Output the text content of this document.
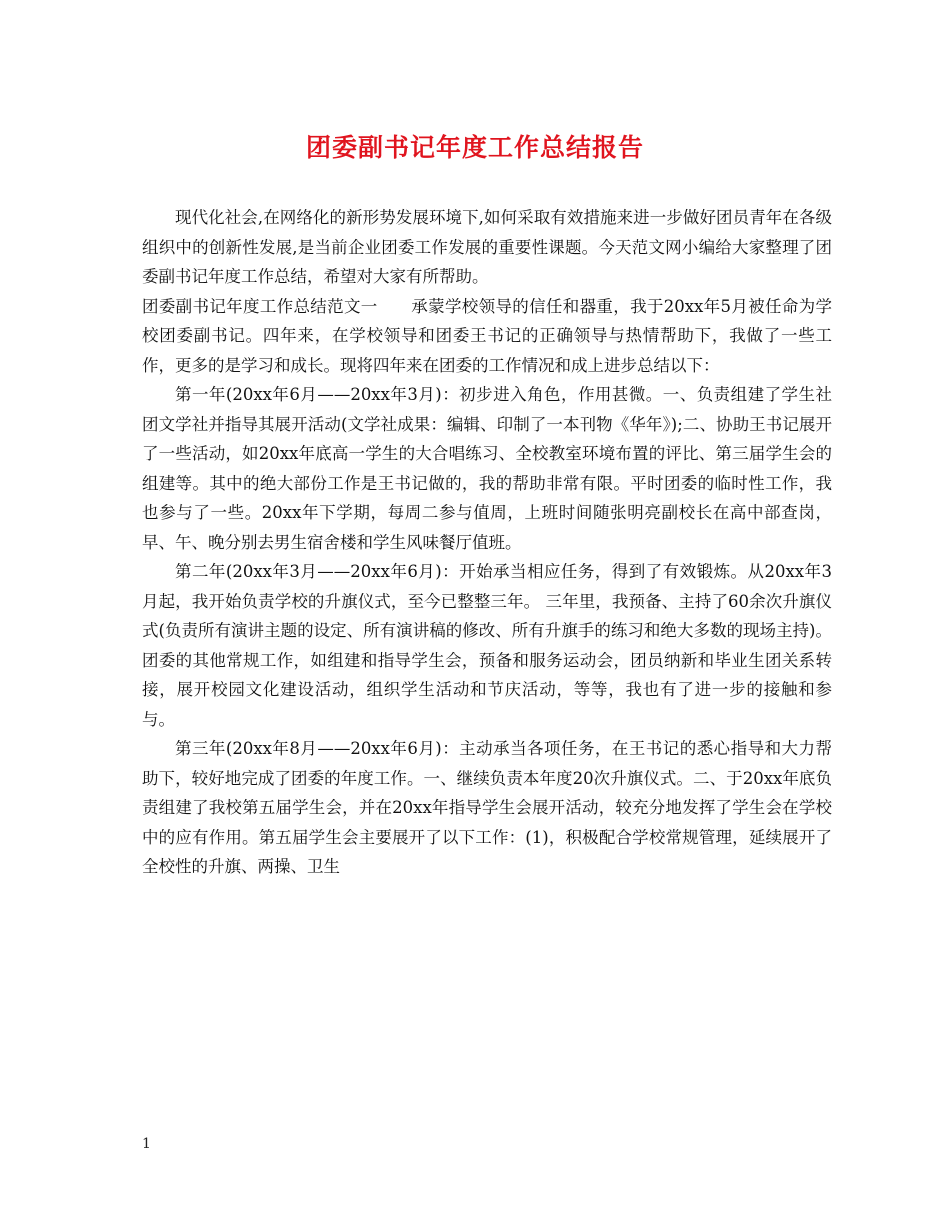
团委副书记年度工作总结报告

现代化社会,在网络化的新形势发展环境下,如何采取有效措施来进一步做好团员青年在各级组织中的创新性发展,是当前企业团委工作发展的重要性课题。今天范文网小编给大家整理了团委副书记年度工作总结，希望对大家有所帮助。

团委副书记年度工作总结范文一　　承蒙学校领导的信任和器重，我于20xx年5月被任命为学校团委副书记。四年来，在学校领导和团委王书记的正确领导与热情帮助下，我做了一些工作，更多的是学习和成长。现将四年来在团委的工作情况和成上进步总结以下：

第一年(20xx年6月——20xx年3月)：初步进入角色，作用甚微。一、负责组建了学生社团文学社并指导其展开活动(文学社成果：编辑、印制了一本刊物《华年》);二、协助王书记展开了一些活动，如20xx年底高一学生的大合唱练习、全校教室环境布置的评比、第三届学生会的组建等。其中的绝大部份工作是王书记做的，我的帮助非常有限。平时团委的临时性工作，我也参与了一些。20xx年下学期，每周二参与值周，上班时间随张明亮副校长在高中部查岗，早、午、晚分别去男生宿舍楼和学生风味餐厅值班。

第二年(20xx年3月——20xx年6月)：开始承当相应任务，得到了有效锻炼。从20xx年3月起，我开始负责学校的升旗仪式，至今已整整三年。 三年里，我预备、主持了60余次升旗仪式(负责所有演讲主题的设定、所有演讲稿的修改、所有升旗手的练习和绝大多数的现场主持)。团委的其他常规工作，如组建和指导学生会，预备和服务运动会，团员纳新和毕业生团关系转接，展开校园文化建设活动，组织学生活动和节庆活动，等等，我也有了进一步的接触和参与。

第三年(20xx年8月——20xx年6月)：主动承当各项任务，在王书记的悉心指导和大力帮助下，较好地完成了团委的年度工作。一、继续负责本年度20次升旗仪式。二、于20xx年底负责组建了我校第五届学生会，并在20xx年指导学生会展开活动，较充分地发挥了学生会在学校中的应有作用。第五届学生会主要展开了以下工作：(1)，积极配合学校常规管理，延续展开了全校性的升旗、两操、卫生

1
